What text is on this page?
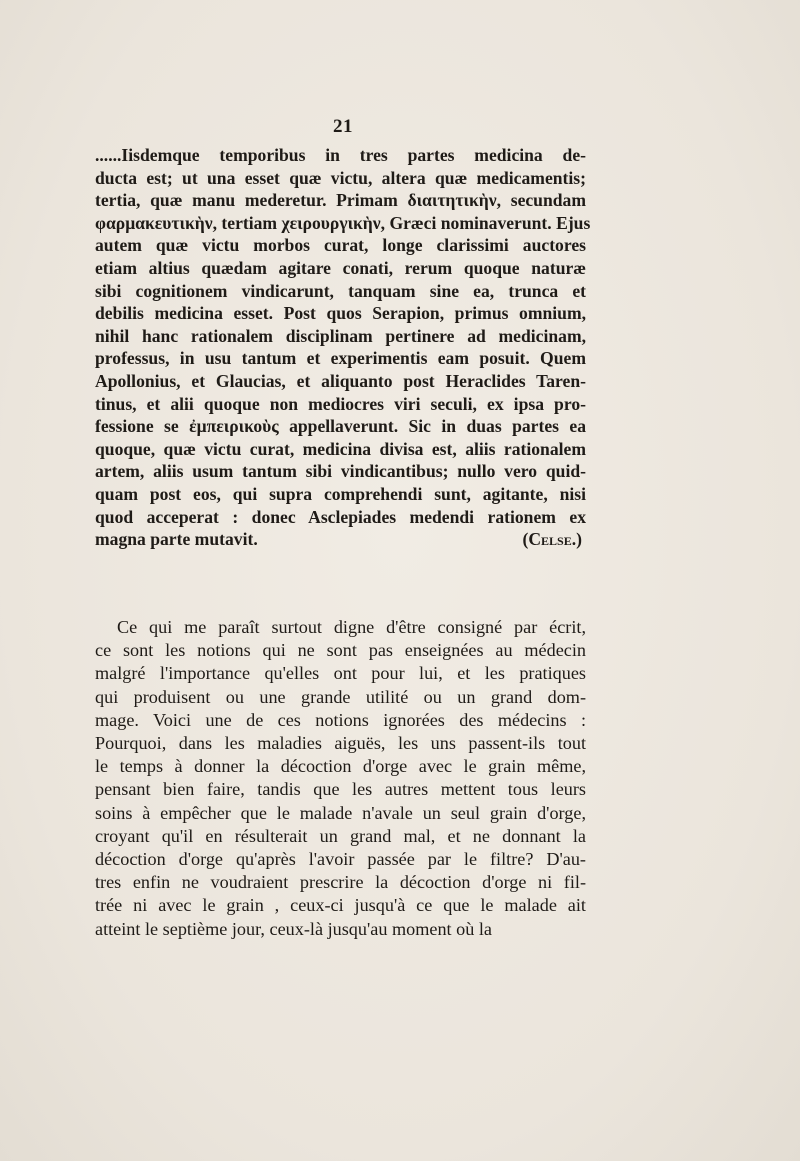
21
......Iisdemque temporibus in tres partes medicina de-
ducta est; ut una esset quæ victu, altera quæ medicamentis;
tertia, quæ manu mederetur. Primam διαιτητικὴν, secundam
φαρμακευτικὴν, tertiam χειρουργικὴν, Græci nominaverunt. Ejus
autem quæ victu morbos curat, longe clarissimi auctores
etiam altius quædam agitare conati, rerum quoque naturæ
sibi cognitionem vindicarunt, tanquam sine ea, trunca et
debilis medicina esset. Post quos Serapion, primus omnium,
nihil hanc rationalem disciplinam pertinere ad medicinam,
professus, in usu tantum et experimentis eam posuit. Quem
Apollonius, et Glaucias, et aliquanto post Heraclides Taren-
tinus, et alii quoque non mediocres viri seculi, ex ipsa pro-
fessione se ἐμπειρικοὺς appellaverunt. Sic in duas partes ea
quoque, quæ victu curat, medicina divisa est, aliis rationalem
artem, aliis usum tantum sibi vindicantibus; nullo vero quid-
quam post eos, qui supra comprehendi sunt, agitante, nisi
quod acceperat : donec Asclepiades medendi rationem ex
magna parte mutavit.	(Celse.)
Ce qui me paraît surtout digne d'être consigné par écrit,
ce sont les notions qui ne sont pas enseignées au médecin
malgré l'importance qu'elles ont pour lui, et les pratiques
qui produisent ou une grande utilité ou un grand dom-
mage. Voici une de ces notions ignorées des médecins :
Pourquoi, dans les maladies aiguës, les uns passent-ils tout
le temps à donner la décoction d'orge avec le grain même,
pensant bien faire, tandis que les autres mettent tous leurs
soins à empêcher que le malade n'avale un seul grain d'orge,
croyant qu'il en résulterait un grand mal, et ne donnant la
décoction d'orge qu'après l'avoir passée par le filtre? D'au-
tres enfin ne voudraient prescrire la décoction d'orge ni fil-
trée ni avec le grain , ceux-ci jusqu'à ce que le malade ait
atteint le septième jour, ceux-là jusqu'au moment où la
